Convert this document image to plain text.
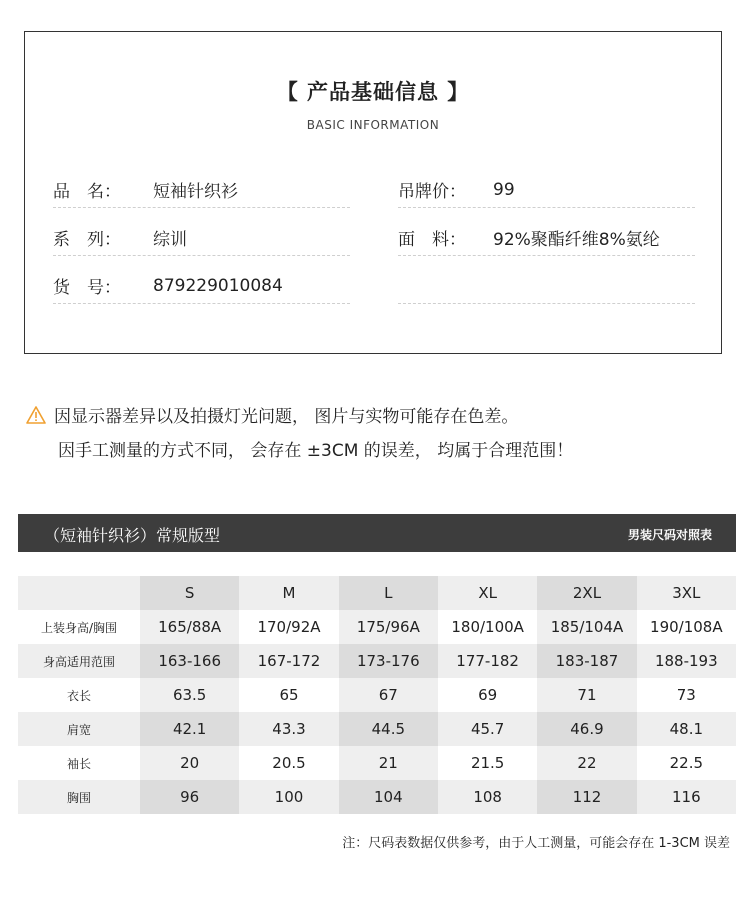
【 产品基础信息 】
BASIC INFORMATION
品　名：	短袖针织衫
系　列：	综训
货　号：	879229010084
吊牌价：	99
面　料：	92%聚酯纤维8%氨纶
因显示器差异以及拍摄灯光问题， 图片与实物可能存在色差。
因手工测量的方式不同， 会存在 ±3CM 的误差， 均属于合理范围！
（短袖针织衫）常规版型	男装尺码对照表
	S	M	L	XL	2XL	3XL
上装身高/胸围	165/88A	170/92A	175/96A	180/100A	185/104A	190/108A
身高适用范围	163-166	167-172	173-176	177-182	183-187	188-193
衣长	63.5	65	67	69	71	73
肩宽	42.1	43.3	44.5	45.7	46.9	48.1
袖长	20	20.5	21	21.5	22	22.5
胸围	96	100	104	108	112	116
注：尺码表数据仅供参考，由于人工测量，可能会存在 1-3CM 误差
